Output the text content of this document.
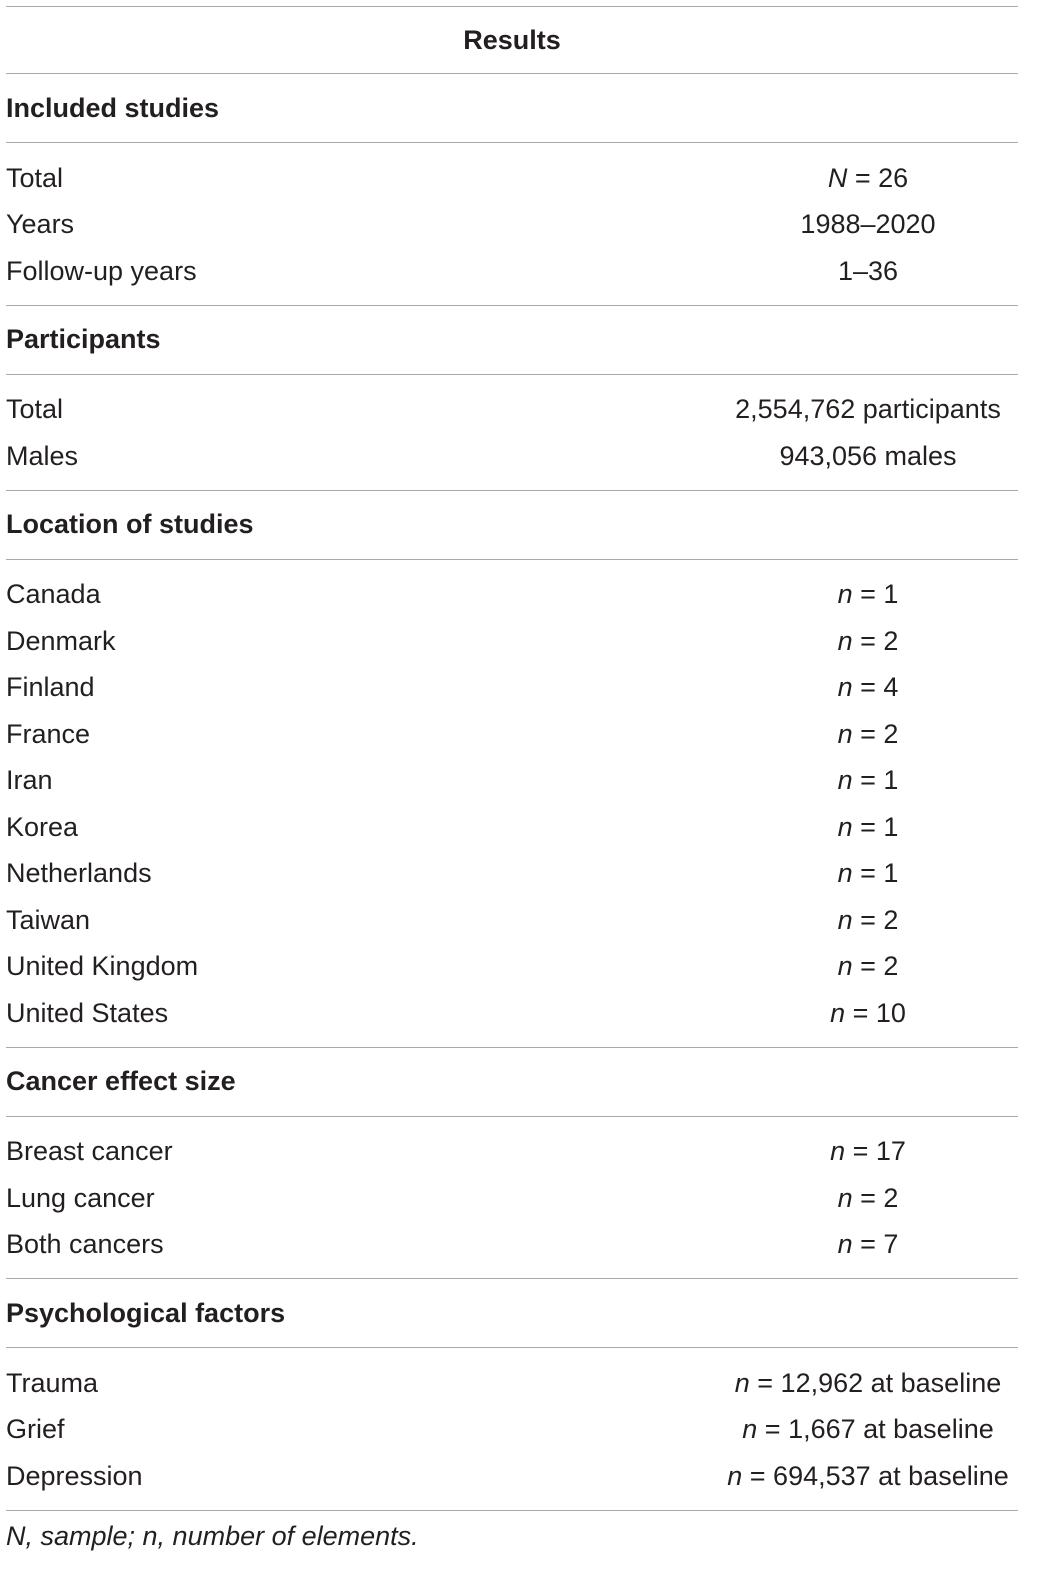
Results
Included studies
Total	N = 26
Years	1988–2020
Follow-up years	1–36
Participants
Total	2,554,762 participants
Males	943,056 males
Location of studies
Canada	n = 1
Denmark	n = 2
Finland	n = 4
France	n = 2
Iran	n = 1
Korea	n = 1
Netherlands	n = 1
Taiwan	n = 2
United Kingdom	n = 2
United States	n = 10
Cancer effect size
Breast cancer	n = 17
Lung cancer	n = 2
Both cancers	n = 7
Psychological factors
Trauma	n = 12,962 at baseline
Grief	n = 1,667 at baseline
Depression	n = 694,537 at baseline
N, sample; n, number of elements.
